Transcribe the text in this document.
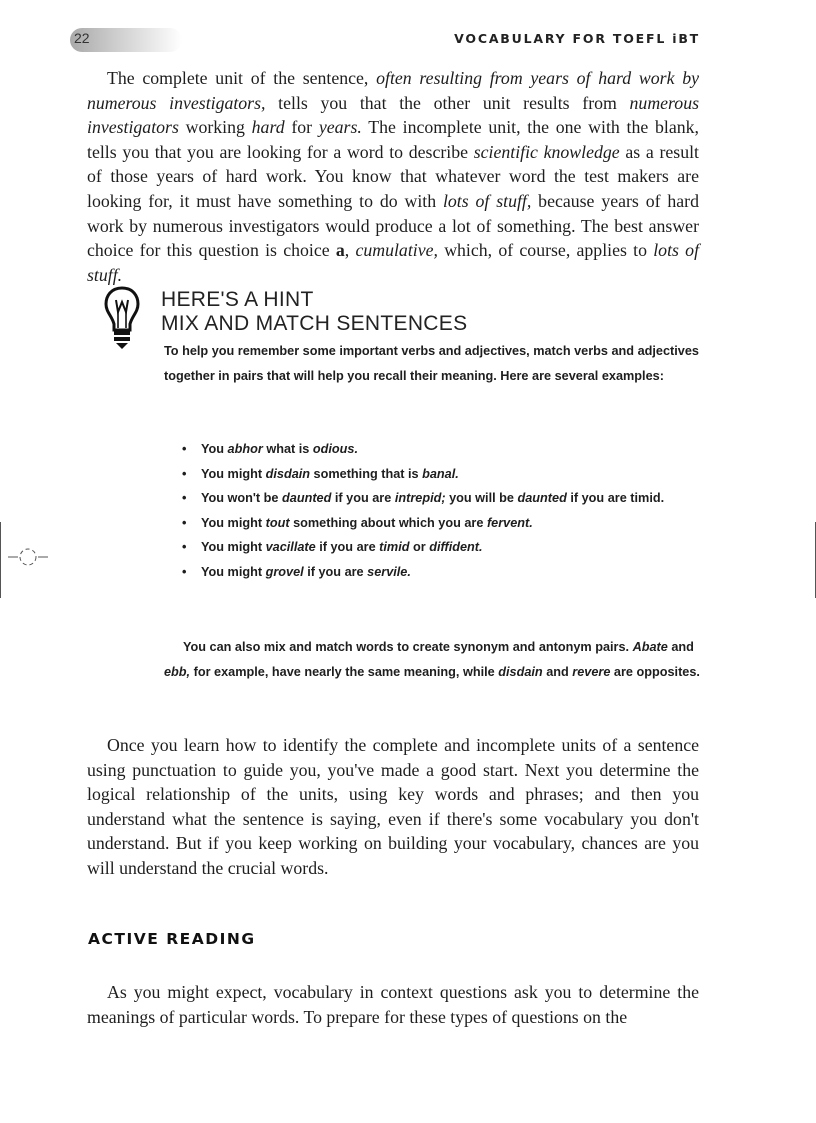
22	VOCABULARY FOR TOEFL iBT

The complete unit of the sentence, often resulting from years of hard work by numerous investigators, tells you that the other unit results from numerous investigators working hard for years. The incomplete unit, the one with the blank, tells you that you are looking for a word to describe scientific knowledge as a result of those years of hard work. You know that whatever word the test makers are looking for, it must have something to do with lots of stuff, because years of hard work by numerous investigators would produce a lot of something. The best answer choice for this question is choice a, cumulative, which, of course, applies to lots of stuff.

HERE'S A HINT
MIX AND MATCH SENTENCES

To help you remember some important verbs and adjectives, match verbs and adjectives together in pairs that will help you recall their meaning. Here are several examples:

• You abhor what is odious.
• You might disdain something that is banal.
• You won't be daunted if you are intrepid; you will be daunted if you are timid.
• You might tout something about which you are fervent.
• You might vacillate if you are timid or diffident.
• You might grovel if you are servile.

You can also mix and match words to create synonym and antonym pairs. Abate and ebb, for example, have nearly the same meaning, while disdain and revere are opposites.

Once you learn how to identify the complete and incomplete units of a sentence using punctuation to guide you, you've made a good start. Next you determine the logical relationship of the units, using key words and phrases; and then you understand what the sentence is saying, even if there's some vocabulary you don't understand. But if you keep working on building your vocabulary, chances are you will understand the crucial words.

ACTIVE READING

As you might expect, vocabulary in context questions ask you to determine the meanings of particular words. To prepare for these types of questions on the
